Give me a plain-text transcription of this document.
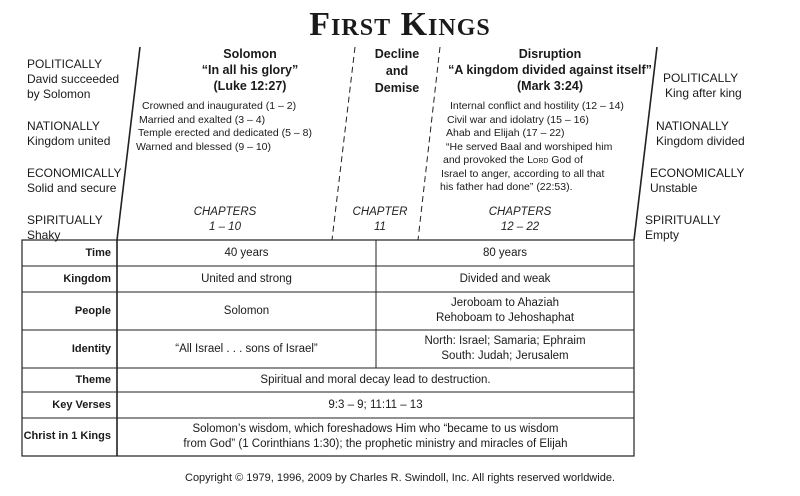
First Kings
POLITICALLY
David succeeded by Solomon
NATIONALLY
Kingdom united
ECONOMICALLY
Solid and secure
SPIRITUALLY
Shaky
POLITICALLY
King after king
NATIONALLY
Kingdom divided
ECONOMICALLY
Unstable
SPIRITUALLY
Empty
Solomon
“In all his glory”
(Luke 12:27)
Crowned and inaugurated (1 – 2)
Married and exalted (3 – 4)
Temple erected and dedicated (5 – 8)
Warned and blessed (9 – 10)
CHAPTERS
1 – 10
Decline
and
Demise
CHAPTER
11
Disruption
“A kingdom divided against itself”
(Mark 3:24)
Internal conflict and hostility (12 – 14)
Civil war and idolatry (15 – 16)
Ahab and Elijah (17 – 22)
“He served Baal and worshiped him
and provoked the Lord God of
Israel to anger, according to all that
his father had done” (22:53).
CHAPTERS
12 – 22
Time
Kingdom
People
Identity
Theme
Key Verses
Christ in 1 Kings
40 years	80 years
United and strong	Divided and weak
Solomon
Jeroboam to Ahaziah
Rehoboam to Jehoshaphat
“All Israel . . . sons of Israel”
North: Israel; Samaria; Ephraim
South: Judah; Jerusalem
Spiritual and moral decay lead to destruction.
9:3 – 9; 11:11 – 13
Solomon’s wisdom, which foreshadows Him who “became to us wisdom
from God” (1 Corinthians 1:30); the prophetic ministry and miracles of Elijah
Copyright © 1979, 1996, 2009 by Charles R. Swindoll, Inc. All rights reserved worldwide.
